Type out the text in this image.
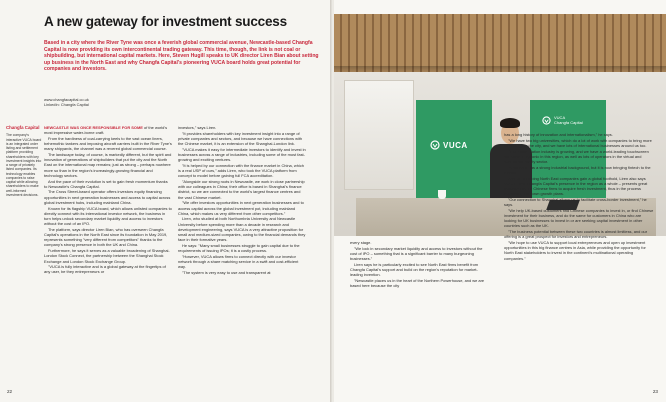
A new gateway for investment success

Based in a city where the River Tyne was once a feverish global commercial avenue, Newcastle-based Changfa Capital is now providing its own intercontinental trading gateway. This time, though, the link is not coal or shipbuilding, but international capital markets. Here, Steven Hugill speaks to UK director Liren Bian about setting up business in the North East and why Changfa Capital's pioneering VUCA board holds great potential for companies and investors.

www.changfacapital.co.uk
LinkedIn: Changfa Capital
Changfa Capital
The company's interactive VUCA board is an integrated order listing and settlement platform providing shareholders with key investment insights into a range of privately listed companies. Its technology enables companies to raise capital while allowing shareholders to make well-informed investment decisions.

NEWCASTLE WAS ONCE RESPONSIBLE FOR SOME of the world's most impressive water-borne craft.

From the hardiness of coal-carrying keels to the vast ocean liners, behemothic tankers and imposing aircraft carriers built in the River Tyne's many shipyards, the channel was a revered global commercial course.

The landscape today, of course, is markedly different, but the spirit and innovation of generations of shipbuilders that put the city and the North East on the international map remains; just as strong – perhaps nowhere more so than in the region's increasingly-growing financial and technology sectors.

And the pace of their evolution is set to gain fresh momentum thanks to Newcastle's Changfa Capital.

The Cross Street-based operator offers investors equity financing opportunities in next generation businesses and access to capital across global investment hubs, including mainland China.

Known for its flagship VUCA board, which allows unlisted companies to directly connect with its international investor network, the business in turn helps unlock secondary market liquidity and access to investors without the cost of an IPO.

The platform, says director Liren Bian, who has overseen Changfa Capital's operations in the North East since its foundation in May 2019, represents something "very different from competitors" thanks to the company's strong presence in both the UK and China.

Furthermore, he says it serves as a valuable broadening of Shanghai-London Stock Connect, the partnership between the Shanghai Stock Exchange and London Stock Exchange Group.

"VUCA is fully interactive and is a global gateway at the fingertips of any user, be they entrepreneurs or

investors," says Liren.

"It provides shareholders with key investment insight into a range of private companies and sectors, and because we have connections with the Chinese market, it is an extension of the Shanghai-London link.

"VUCA makes it easy for intermediate investors to identify and invest in businesses across a range of industries, including some of the most fast-growing and exciting ventures.

"It is helped by our connection with the finance market in China, which is a real USP of ours," adds Liren, who took the VUCA platform from concept to model before gaining full FCA accreditation.

"Alongside our strong roots in Newcastle, we work in close partnership with our colleagues in China; their office is based in Shanghai's finance district, so we are connected to the world's largest finance centres and the vast Chinese market.

"We offer investors opportunities in next generation businesses and to access capital across the global investment pot, including mainland China, which makes us very different from other competitors."

Liren, who studied at both Northumbria University and Newcastle University before spending more than a decade in research and development engineering, says VUCA is a very attractive proposition for small and medium-sized companies, owing to the financial demands they face in their formative years.

He says: "Many small businesses struggle to gain capital due to the requirements of issuing IPOs; it is a costly process.

"However, VUCA allows firms to connect directly with our investor network through a share matching service in a swift and cost-efficient way.

"The system is very easy to use and transparent at

22
VUCA
VUCA
Changfa Capital

every stage.

"We lock in secondary market liquidity and access to investors without the cost of IPO – something that is a significant barrier to many burgeoning businesses."

Liren says he is particularly excited to see North East firms benefit from Changfa Capital's support and build on the region's reputation for market-leading invention.

"Newcastle places us in the heart of the Northern Powerhouse, and we are based here because the city

has a long history of innovation and internationalism," he says.

"We have two big universities, which do a lot of work with companies to bring more technology to the city, and we have lots of international businesses around us too.

"The electrification industry is growing, and we have a world-leading touchscreen company in Zytronic in this region, as well as lots of operators in the virtual and augmented reality sector.

"Newcastle has a strong industrial background, but it is now bringing fintech to the market."

And while helping North East companies gain a global foothold, Liren also says VUCA – and Changfa Capital's presence in the region as a whole – presents great opportunities for Chinese firms to acquire fresh investment, thus in the process supporting their own growth plans.

"Our connection to Shanghai allows us to facilitate cross-border investment," he says.

"We help UK-based customers find Chinese companies to invest in, or find Chinese investment for their business, and do the same for customers in China who are looking for UK businesses to invest in or are seeking capital investment in other countries such as the UK.

"The business potential between these two countries is almost limitless, and our offering is a great prospect for investors and entrepreneurs.

"We hope to use VUCA to support local entrepreneurs and open up investment opportunities in this big finance centres in Asia, while providing the opportunity for North East stakeholders to invest in the continent's multinational operating companies."

23
